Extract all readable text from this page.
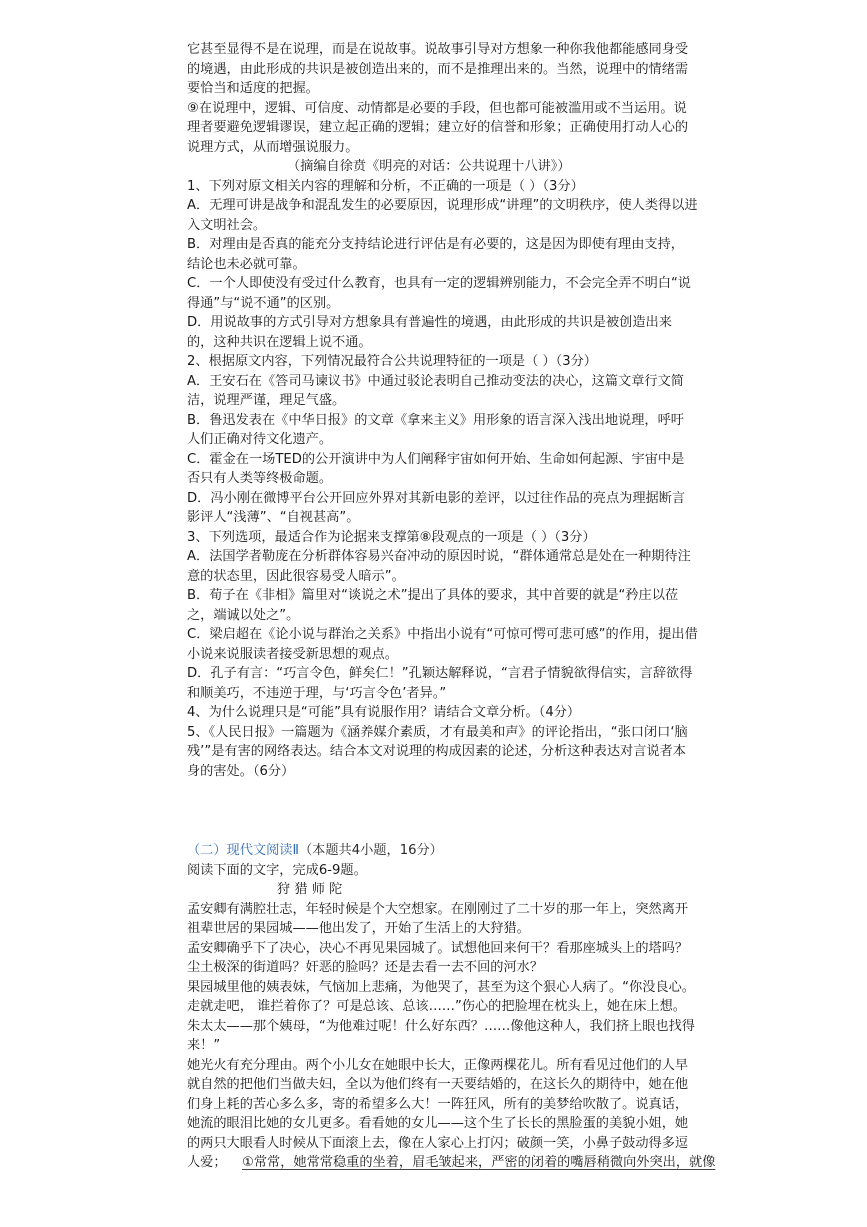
它甚至显得不是在说理，而是在说故事。说故事引导对方想象一种你我他都能感同身受
的境遇，由此形成的共识是被创造出来的，而不是推理出来的。当然，说理中的情绪需
要恰当和适度的把握。
⑨在说理中，逻辑、可信度、动情都是必要的手段，但也都可能被滥用或不当运用。说
理者要避免逻辑谬误，建立起正确的逻辑；建立好的信誉和形象；正确使用打动人心的
说理方式，从而增强说服力。
（摘编自徐贲《明亮的对话：公共说理十八讲》）
1、下列对原文相关内容的理解和分析，不正确的一项是（ ）（3分）
A．无理可讲是战争和混乱发生的必要原因，说理形成“讲理”的文明秩序，使人类得以进
入文明社会。
B．对理由是否真的能充分支持结论进行评估是有必要的，这是因为即使有理由支持，
结论也未必就可靠。
C．一个人即使没有受过什么教育，也具有一定的逻辑辨别能力，不会完全弄不明白“说
得通”与“说不通”的区别。
D．用说故事的方式引导对方想象具有普遍性的境遇，由此形成的共识是被创造出来
的，这种共识在逻辑上说不通。
2、根据原文内容，下列情况最符合公共说理特征的一项是（ ）（3分）
A．王安石在《答司马谏议书》中通过驳论表明自己推动变法的决心，这篇文章行文简
洁，说理严谨，理足气盛。
B．鲁迅发表在《中华日报》的文章《拿来主义》用形象的语言深入浅出地说理，呼吁
人们正确对待文化遗产。
C．霍金在一场TED的公开演讲中为人们阐释宇宙如何开始、生命如何起源、宇宙中是
否只有人类等终极命题。
D．冯小刚在微博平台公开回应外界对其新电影的差评，以过往作品的亮点为理据断言
影评人“浅薄”、“自视甚高”。
3、下列选项，最适合作为论据来支撑第⑧段观点的一项是（ ）（3分）
A．法国学者勒庞在分析群体容易兴奋冲动的原因时说，“群体通常总是处在一种期待注
意的状态里，因此很容易受人暗示”。
B．荀子在《非相》篇里对“谈说之术”提出了具体的要求，其中首要的就是“矜庄以莅
之，端诚以处之”。
C．梁启超在《论小说与群治之关系》中指出小说有“可惊可愕可悲可感”的作用，提出借
小说来说服读者接受新思想的观点。
D．孔子有言：“巧言令色，鲜矣仁！”孔颖达解释说，“言君子情貌欲得信实，言辞欲得
和顺美巧，不违逆于理，与‘巧言令色’者异。”
4、为什么说理只是“可能”具有说服作用？请结合文章分析。（4分）
5、《人民日报》一篇题为《涵养媒介素质，才有最美和声》的评论指出，“张口闭口‘脑
残’”是有害的网络表达。结合本文对说理的构成因素的论述，分析这种表达对言说者本
身的害处。（6分）
（二）现代文阅读Ⅱ（本题共4小题，16分）
阅读下面的文字，完成6-9题。
狩 猎 师 陀
孟安卿有满腔壮志，年轻时候是个大空想家。在刚刚过了二十岁的那一年上，突然离开
祖辈世居的果园城——他出发了，开始了生活上的大狩猎。
孟安卿确乎下了决心，决心不再见果园城了。试想他回来何干？看那座城头上的塔吗？
尘土极深的街道吗？奸恶的脸吗？还是去看一去不回的河水？
果园城里他的姨表妹，气恼加上悲痛，为他哭了，甚至为这个狠心人病了。“你没良心。
走就走吧， 谁拦着你了？可是总该、总该……”伤心的把脸埋在枕头上，她在床上想。
朱太太——那个姨母，“为他难过呢！什么好东西？……像他这种人，我们挤上眼也找得
来！”
她光火有充分理由。两个小儿女在她眼中长大，正像两棵花儿。所有看见过他们的人早
就自然的把他们当做夫妇，全以为他们终有一天要结婚的，在这长久的期待中，她在他
们身上耗的苦心多么多，寄的希望多么大！一阵狂风，所有的美梦给吹散了。说真话，
她流的眼泪比她的女儿更多。看看她的女儿——这个生了长长的黑脸蛋的美貌小姐，她
的两只大眼看人时候从下面滚上去，像在人家心上打闪；破颜一笑，小鼻子鼓动得多逗
人爱；	①常常，她常常稳重的坐着，眉毛皱起来，严密的闭着的嘴唇稍微向外突出，就像
